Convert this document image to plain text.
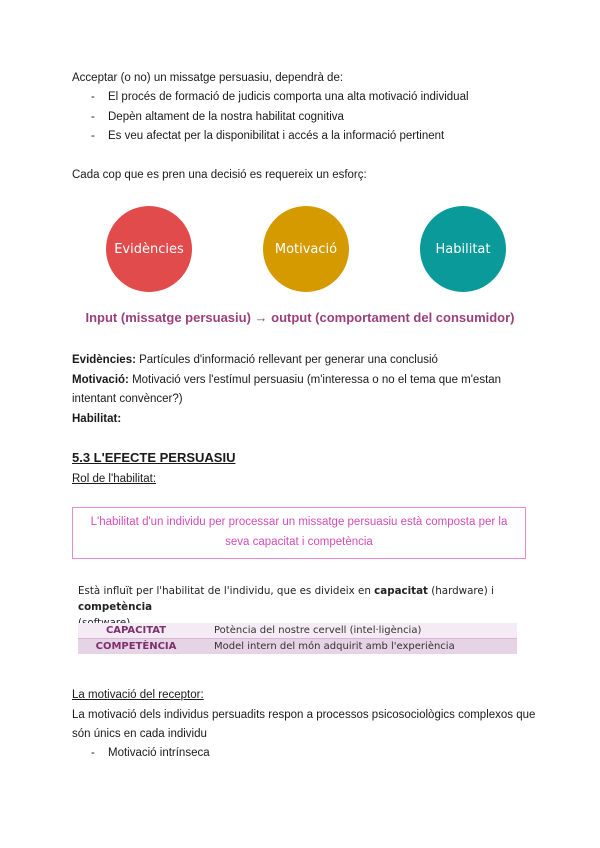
Acceptar (o no) un missatge persuasiu, dependrà de:
- El procés de formació de judicis comporta una alta motivació individual
- Depèn altament de la nostra habilitat cognitiva
- Es veu afectat per la disponibilitat i accés a la informació pertinent
Cada cop que es pren una decisió es requereix un esforç:
Evidències	Motivació	Habilitat
Input (missatge persuasiu) → output (comportament del consumidor)
Evidències: Partícules d'informació rellevant per generar una conclusió
Motivació: Motivació vers l'estímul persuasiu (m'interessa o no el tema que m'estan
intentant convèncer?)
Habilitat:
5.3 L'EFECTE PERSUASIU
Rol de l'habilitat:
L'habilitat d'un individu per processar un missatge persuasiu està composta per la
seva capacitat i competència
Està influït per l'habilitat de l'individu, que es divideix en capacitat (hardware) i competència

CAPACITAT	Potència del nostre cervell (intel·ligència)
COMPETÈNCIA	Model intern del món adquirit amb l'experiència
La motivació del receptor:
La motivació dels individus persuadits respon a processos psicosociològics complexos que
són únics en cada individu
- Motivació intrínseca
